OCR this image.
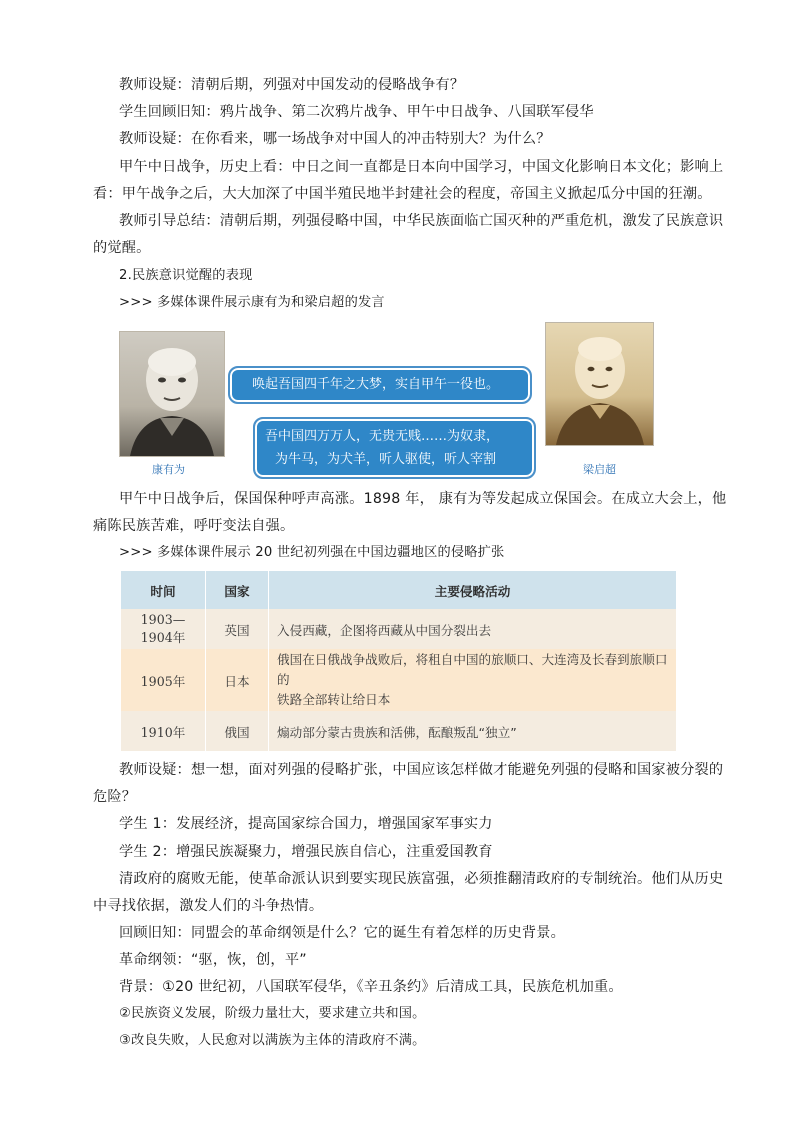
教师设疑：清朝后期，列强对中国发动的侵略战争有？
学生回顾旧知：鸦片战争、第二次鸦片战争、甲午中日战争、八国联军侵华
教师设疑：在你看来，哪一场战争对中国人的冲击特别大？为什么？
甲午中日战争，历史上看：中日之间一直都是日本向中国学习，中国文化影响日本文化；影响上
看：甲午战争之后，大大加深了中国半殖民地半封建社会的程度，帝国主义掀起瓜分中国的狂潮。
教师引导总结：清朝后期，列强侵略中国，中华民族面临亡国灭种的严重危机，激发了民族意识
的觉醒。
2.民族意识觉醒的表现
>>> 多媒体课件展示康有为和梁启超的发言
康有为
唤起吾国四千年之大梦，实自甲午一役也。
吾中国四万万人，无贵无贱……为奴隶，
为牛马，为犬羊，听人驱使，听人宰割
梁启超
甲午中日战争后，保国保种呼声高涨。1898 年， 康有为等发起成立保国会。在成立大会上，他
痛陈民族苦难，呼吁变法自强。
>>> 多媒体课件展示 20 世纪初列强在中国边疆地区的侵略扩张
时间	国家	主要侵略活动
1903—1904年	英国	入侵西藏，企图将西藏从中国分裂出去

1905年	日本	俄国在日俄战争战败后，将租自中国的旅顺口、大连湾及长春到旅顺口的
铁路全部转让给日本

1910年	俄国	煽动部分蒙古贵族和活佛，酝酿叛乱“独立”
教师设疑：想一想，面对列强的侵略扩张，中国应该怎样做才能避免列强的侵略和国家被分裂的
危险？
学生 1：发展经济，提高国家综合国力，增强国家军事实力
学生 2：增强民族凝聚力，增强民族自信心，注重爱国教育
清政府的腐败无能，使革命派认识到要实现民族富强，必须推翻清政府的专制统治。他们从历史
中寻找依据，激发人们的斗争热情。
回顾旧知：同盟会的革命纲领是什么？它的诞生有着怎样的历史背景。
革命纲领：“驱，恢，创，平”
背景：①20 世纪初，八国联军侵华，《辛丑条约》后清成工具，民族危机加重。
②民族资义发展，阶级力量壮大，要求建立共和国。
③改良失败，人民愈对以满族为主体的清政府不满。
